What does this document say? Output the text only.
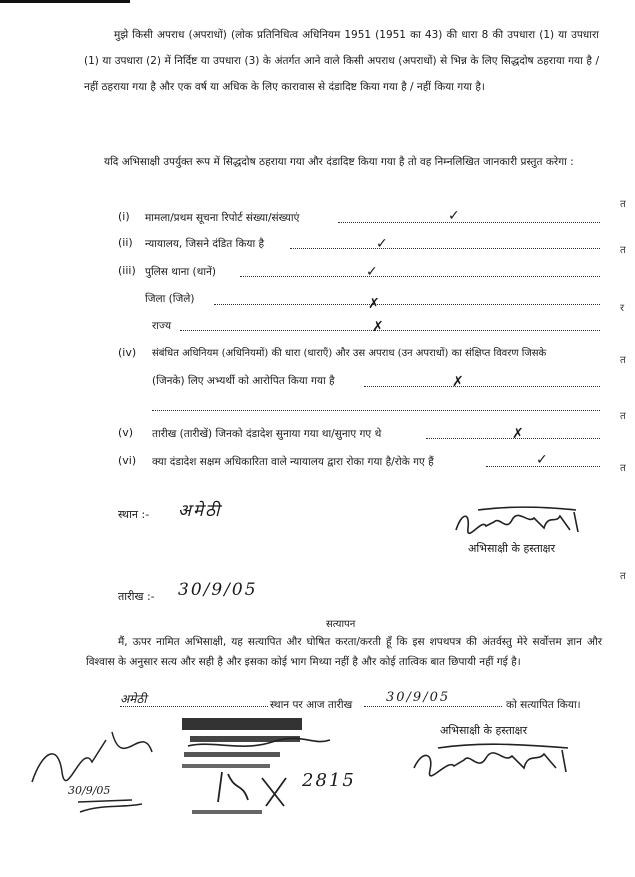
मुझे किसी अपराध (अपराधों) (लोक प्रतिनिधित्व अधिनियम 1951 (1951 का 43) की धारा 8 की उपधारा (1) या उपधारा (1) या उपधारा (2) में निर्दिष्ट या उपधारा (3) के अंतर्गत आने वाले किसी अपराध (अपराधों) से भिन्न के लिए सिद्धदोष ठहराया गया है / नहीं ठहराया गया है और एक वर्ष या अधिक के लिए कारावास से दंडादिष्ट किया गया है / नहीं किया गया है।
यदि अभिसाक्षी उपर्युक्त रूप में सिद्धदोष ठहराया गया और दंडादिष्ट किया गया है तो वह निम्नलिखित जानकारी प्रस्तुत करेगा :
(i) मामला/प्रथम सूचना रिपोर्ट संख्या/संख्याएं	✓
(ii) न्यायालय, जिसने दंडित किया है	✓
(iii) पुलिस थाना (थानें)	✓
जिला (जिले)	✗
राज्य	✗
(iv) संबंधित अधिनियम (अधिनियमों) की धारा (धाराएँ) और उस अपराध (उन अपराधों) का संक्षिप्त विवरण जिसके
(जिनके) लिए अभ्यर्थी को आरोपित किया गया है	✗
(v) तारीख (तारीखें) जिनको दंडादेश सुनाया गया था/सुनाए गए थे	✗
(vi) क्या दंडादेश सक्षम अधिकारिता वाले न्यायालय द्वारा रोका गया है/रोके गए हैं	✓
स्थान :- अमेठी
अभिसाक्षी के हस्ताक्षर
तारीख :- 30/9/05
सत्यापन
मैं, ऊपर नामित अभिसाक्षी, यह सत्यापित और घोषित करता/करती हूँ कि इस शपथपत्र की अंतर्वस्तु मेरे सर्वोत्तम ज्ञान और विश्वास के अनुसार सत्य और सही है और इसका कोई भाग मिथ्या नहीं है और कोई तात्विक बात छिपायी नहीं गई है।
अमेठी	स्थान पर आज तारीख	30/9/05	को सत्यापित किया।
अभिसाक्षी के हस्ताक्षर
30/9/05	2815
त
त
र
त
त
त
त
